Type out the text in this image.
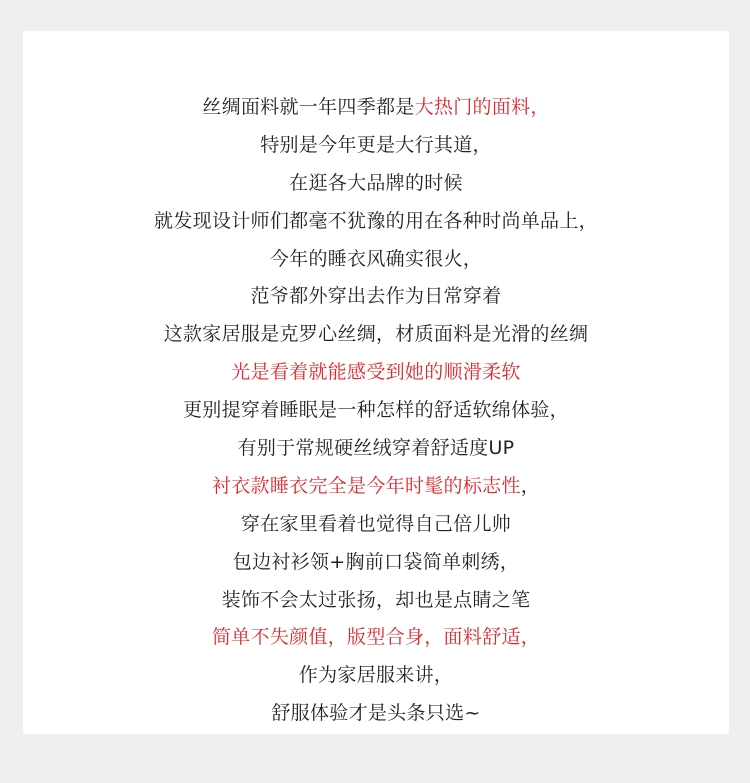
丝绸面料就一年四季都是大热门的面料，
特别是今年更是大行其道，
在逛各大品牌的时候
就发现设计师们都毫不犹豫的用在各种时尚单品上，
今年的睡衣风确实很火，
范爷都外穿出去作为日常穿着
这款家居服是克罗心丝绸，材质面料是光滑的丝绸
光是看着就能感受到她的顺滑柔软
更别提穿着睡眠是一种怎样的舒适软绵体验，
有别于常规硬丝绒穿着舒适度UP
衬衣款睡衣完全是今年时髦的标志性，
穿在家里看着也觉得自己倍儿帅
包边衬衫领+胸前口袋简单刺绣，
装饰不会太过张扬，却也是点睛之笔
简单不失颜值，版型合身，面料舒适，
作为家居服来讲，
舒服体验才是头条只选~
